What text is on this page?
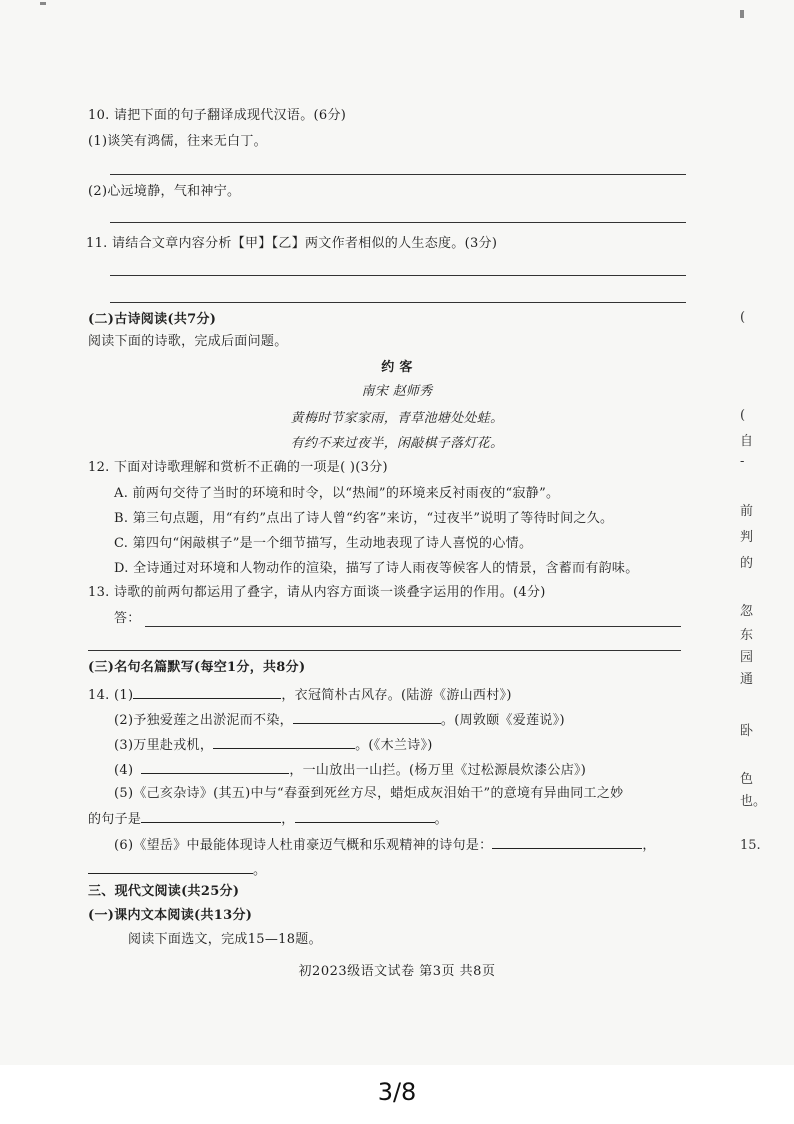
10. 请把下面的句子翻译成现代汉语。(6分)
(1)谈笑有鸿儒，往来无白丁。
(2)心远境静，气和神宁。
11. 请结合文章内容分析【甲】【乙】两文作者相似的人生态度。(3分)
(二)古诗阅读(共7分)
阅读下面的诗歌，完成后面问题。
约 客
南宋 赵师秀
黄梅时节家家雨，青草池塘处处蛙。
有约不来过夜半，闲敲棋子落灯花。
12. 下面对诗歌理解和赏析不正确的一项是( )(3分)
A. 前两句交待了当时的环境和时令，以“热闹”的环境来反衬雨夜的“寂静”。
B. 第三句点题，用“有约”点出了诗人曾“约客”来访，“过夜半”说明了等待时间之久。
C. 第四句“闲敲棋子”是一个细节描写，生动地表现了诗人喜悦的心情。
D. 全诗通过对环境和人物动作的渲染，描写了诗人雨夜等候客人的情景，含蓄而有韵味。
13. 诗歌的前两句都运用了叠字，请从内容方面谈一谈叠字运用的作用。(4分)
答：
(三)名句名篇默写(每空1分，共8分)
14. (1)	，衣冠简朴古风存。(陆游《游山西村》)
(2)予独爱莲之出淤泥而不染，	。(周敦颐《爱莲说》)
(3)万里赴戎机，	。(《木兰诗》)
(4)	，一山放出一山拦。(杨万里《过松源晨炊漆公店》)
(5)《己亥杂诗》(其五)中与“春蚕到死丝方尽，蜡炬成灰泪始干”的意境有异曲同工之妙
的句子是	，	。
(6)《望岳》中最能体现诗人杜甫豪迈气概和乐观精神的诗句是：	，
。
三、现代文阅读(共25分)
(一)课内文本阅读(共13分)
阅读下面选文，完成15—18题。
初2023级语文试卷 第3页 共8页
(
(
自
-
前
判
的
忽
东
园
通
卧
色
也。
15.
3/8
